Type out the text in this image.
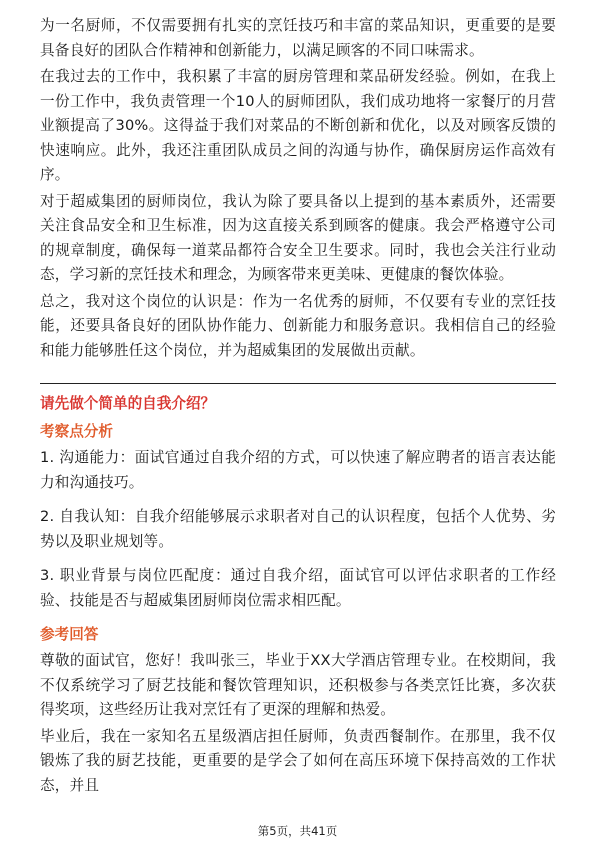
为一名厨师，不仅需要拥有扎实的烹饪技巧和丰富的菜品知识，更重要的是要具备良好的团队合作精神和创新能力，以满足顾客的不同口味需求。

在我过去的工作中，我积累了丰富的厨房管理和菜品研发经验。例如，在我上一份工作中，我负责管理一个10人的厨师团队，我们成功地将一家餐厅的月营业额提高了30%。这得益于我们对菜品的不断创新和优化，以及对顾客反馈的快速响应。此外，我还注重团队成员之间的沟通与协作，确保厨房运作高效有序。

对于超威集团的厨师岗位，我认为除了要具备以上提到的基本素质外，还需要关注食品安全和卫生标准，因为这直接关系到顾客的健康。我会严格遵守公司的规章制度，确保每一道菜品都符合安全卫生要求。同时，我也会关注行业动态，学习新的烹饪技术和理念，为顾客带来更美味、更健康的餐饮体验。

总之，我对这个岗位的认识是：作为一名优秀的厨师，不仅要有专业的烹饪技能，还要具备良好的团队协作能力、创新能力和服务意识。我相信自己的经验和能力能够胜任这个岗位，并为超威集团的发展做出贡献。

请先做个简单的自我介绍？
考察点分析
1. 沟通能力：面试官通过自我介绍的方式，可以快速了解应聘者的语言表达能力和沟通技巧。
2. 自我认知：自我介绍能够展示求职者对自己的认识程度，包括个人优势、劣势以及职业规划等。
3. 职业背景与岗位匹配度：通过自我介绍，面试官可以评估求职者的工作经验、技能是否与超威集团厨师岗位需求相匹配。
参考回答

尊敬的面试官，您好！我叫张三，毕业于XX大学酒店管理专业。在校期间，我不仅系统学习了厨艺技能和餐饮管理知识，还积极参与各类烹饪比赛，多次获得奖项，这些经历让我对烹饪有了更深的理解和热爱。

毕业后，我在一家知名五星级酒店担任厨师，负责西餐制作。在那里，我不仅锻炼了我的厨艺技能，更重要的是学会了如何在高压环境下保持高效的工作状态，并且

第5页，共41页
